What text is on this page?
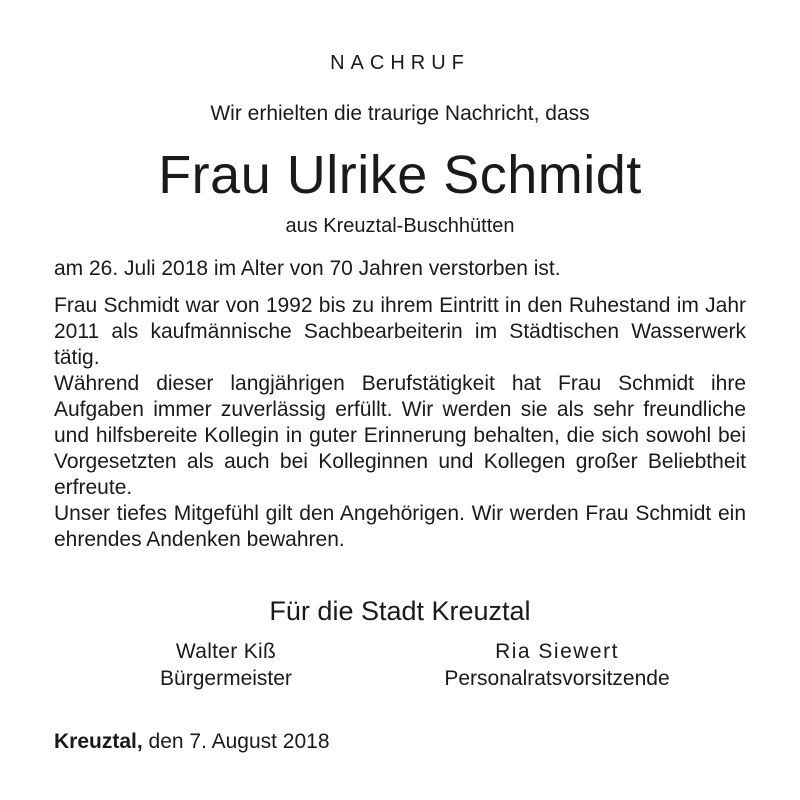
NACHRUF
Wir erhielten die traurige Nachricht, dass
Frau Ulrike Schmidt
aus Kreuztal-Buschhütten
am 26. Juli 2018 im Alter von 70 Jahren verstorben ist.

Frau Schmidt war von 1992 bis zu ihrem Eintritt in den Ruhestand im Jahr 2011 als kaufmännische Sachbearbeiterin im Städtischen Wasserwerk tätig.

Während dieser langjährigen Berufstätigkeit hat Frau Schmidt ihre Aufgaben immer zuverlässig erfüllt. Wir werden sie als sehr freundliche und hilfsbereite Kollegin in guter Erinnerung behalten, die sich sowohl bei Vorgesetzten als auch bei Kolleginnen und Kollegen großer Beliebtheit erfreute.

Unser tiefes Mitgefühl gilt den Angehörigen. Wir werden Frau Schmidt ein ehrendes Andenken bewahren.

Für die Stadt Kreuztal
Walter Kiß
Bürgermeister
Ria Siewert
Personalratsvorsitzende
Kreuztal, den 7. August 2018
